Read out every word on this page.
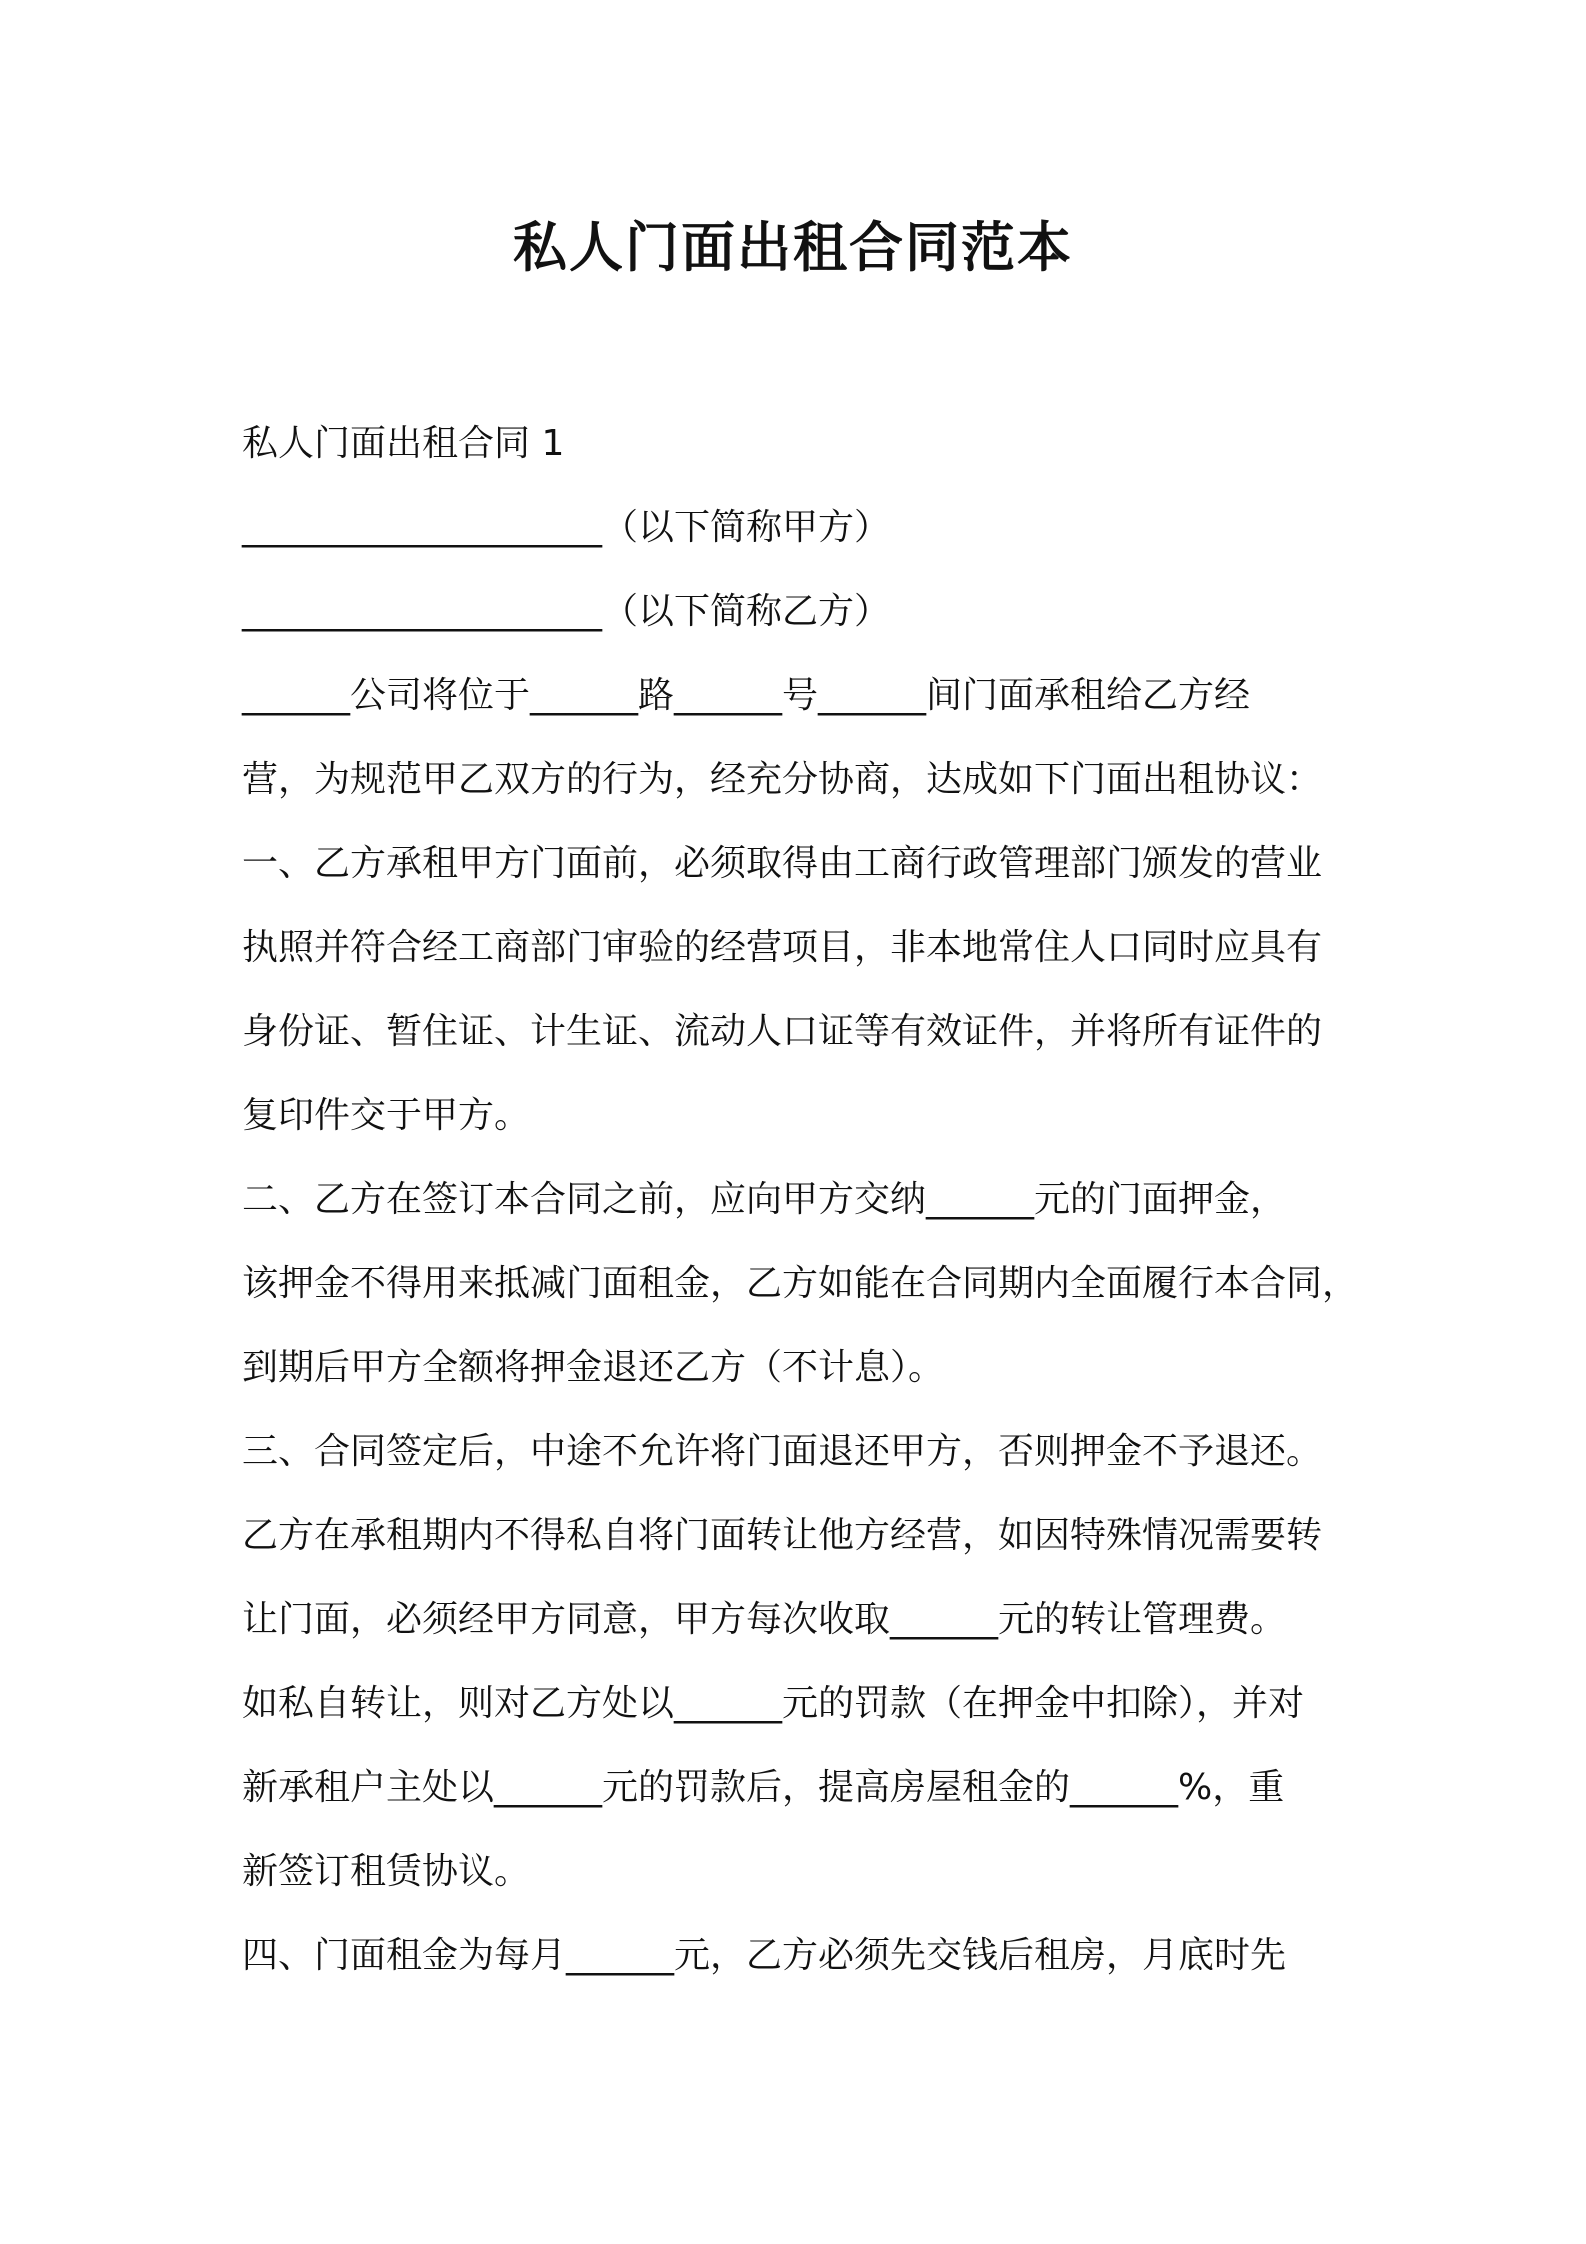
私人门面出租合同范本
私人门面出租合同 1
____________________（以下简称甲方）
____________________（以下简称乙方）
______公司将位于______路______号______间门面承租给乙方经
营，为规范甲乙双方的行为，经充分协商，达成如下门面出租协议：
一、乙方承租甲方门面前，必须取得由工商行政管理部门颁发的营业
执照并符合经工商部门审验的经营项目，非本地常住人口同时应具有
身份证、暂住证、计生证、流动人口证等有效证件，并将所有证件的
复印件交于甲方。
二、乙方在签订本合同之前，应向甲方交纳______元的门面押金，
该押金不得用来抵减门面租金，乙方如能在合同期内全面履行本合同，
到期后甲方全额将押金退还乙方（不计息）。
三、合同签定后，中途不允许将门面退还甲方，否则押金不予退还。
乙方在承租期内不得私自将门面转让他方经营，如因特殊情况需要转
让门面，必须经甲方同意，甲方每次收取______元的转让管理费。
如私自转让，则对乙方处以______元的罚款（在押金中扣除），并对
新承租户主处以______元的罚款后，提高房屋租金的______%，重
新签订租赁协议。
四、门面租金为每月______元，乙方必须先交钱后租房，月底时先
